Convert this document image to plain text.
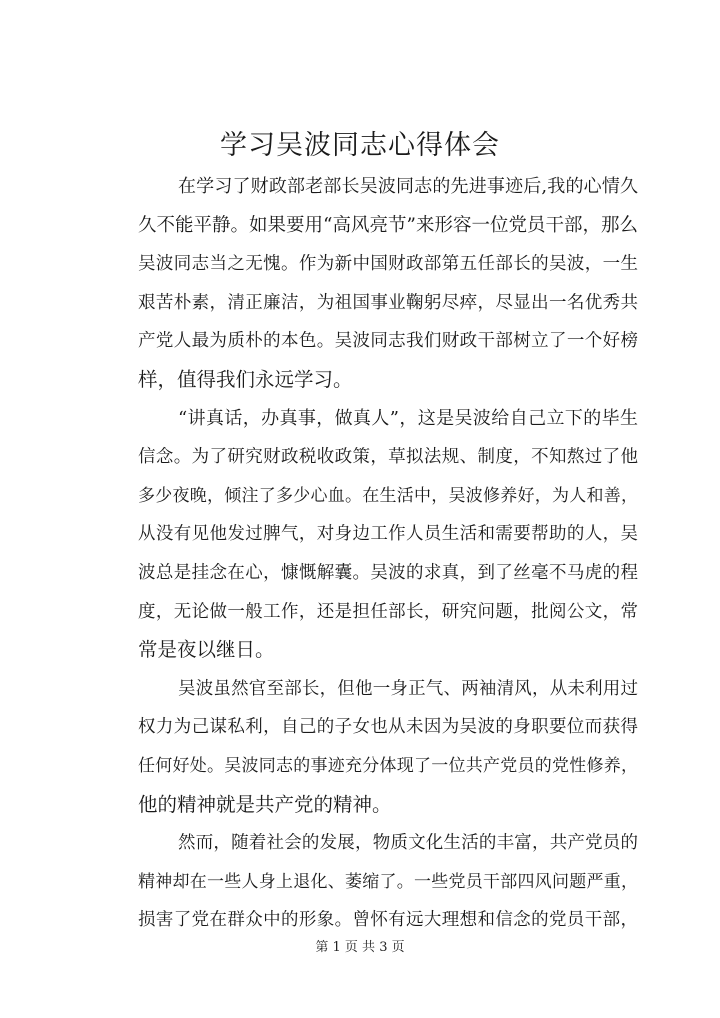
学习吴波同志心得体会
在学习了财政部老部长吴波同志的先进事迹后,我的心情久
久不能平静。如果要用“高风亮节”来形容一位党员干部，那么
吴波同志当之无愧。作为新中国财政部第五任部长的吴波，一生
艰苦朴素，清正廉洁，为祖国事业鞠躬尽瘁，尽显出一名优秀共
产党人最为质朴的本色。吴波同志我们财政干部树立了一个好榜
样，值得我们永远学习。
“讲真话，办真事，做真人”，这是吴波给自己立下的毕生
信念。为了研究财政税收政策，草拟法规、制度，不知熬过了他
多少夜晚，倾注了多少心血。在生活中，吴波修养好，为人和善，
从没有见他发过脾气，对身边工作人员生活和需要帮助的人，吴
波总是挂念在心，慷慨解囊。吴波的求真，到了丝毫不马虎的程
度，无论做一般工作，还是担任部长，研究问题，批阅公文，常
常是夜以继日。
吴波虽然官至部长，但他一身正气、两袖清风，从未利用过
权力为己谋私利，自己的子女也从未因为吴波的身职要位而获得
任何好处。吴波同志的事迹充分体现了一位共产党员的党性修养，
他的精神就是共产党的精神。
然而，随着社会的发展，物质文化生活的丰富，共产党员的
精神却在一些人身上退化、萎缩了。一些党员干部四风问题严重，
损害了党在群众中的形象。曾怀有远大理想和信念的党员干部，
第 1 页 共 3 页
